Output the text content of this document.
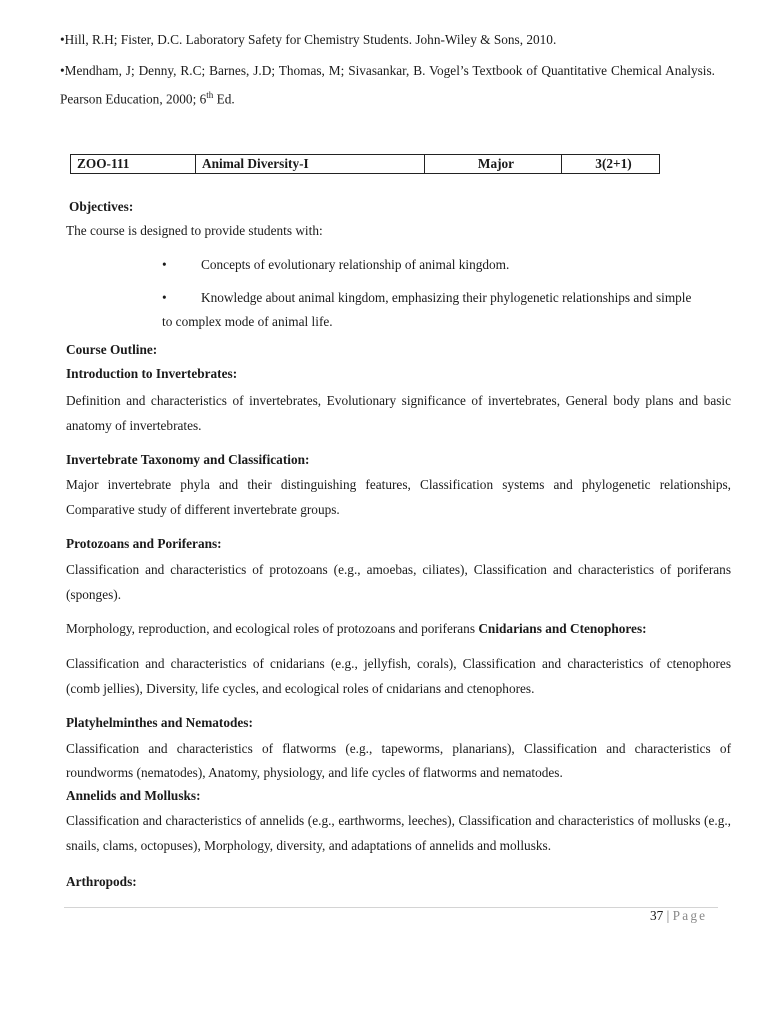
•Hill, R.H; Fister, D.C. Laboratory Safety for Chemistry Students. John-Wiley & Sons, 2010.
•Mendham, J; Denny, R.C; Barnes, J.D; Thomas, M; Sivasankar, B. Vogel’s Textbook of Quantitative Chemical Analysis. Pearson Education, 2000; 6th Ed.
ZOO-111	Animal Diversity-I	Major	3(2+1)
Objectives:
The course is designed to provide students with:
•	Concepts of evolutionary relationship of animal kingdom.
•	Knowledge about animal kingdom, emphasizing their phylogenetic relationships and simple
to complex mode of animal life.
Course Outline:
Introduction to Invertebrates:
Definition and characteristics of invertebrates, Evolutionary significance of invertebrates, General body plans and basic anatomy of invertebrates.
Invertebrate Taxonomy and Classification:
Major invertebrate phyla and their distinguishing features, Classification systems and phylogenetic relationships, Comparative study of different invertebrate groups.
Protozoans and Poriferans:
Classification and characteristics of protozoans (e.g., amoebas, ciliates), Classification and characteristics of poriferans (sponges).
Morphology, reproduction, and ecological roles of protozoans and poriferans Cnidarians and Ctenophores:
Classification and characteristics of cnidarians (e.g., jellyfish, corals), Classification and characteristics of ctenophores (comb jellies), Diversity, life cycles, and ecological roles of cnidarians and ctenophores.
Platyhelminthes and Nematodes:
Classification and characteristics of flatworms (e.g., tapeworms, planarians), Classification and characteristics of roundworms (nematodes), Anatomy, physiology, and life cycles of flatworms and nematodes.
Annelids and Mollusks:
Classification and characteristics of annelids (e.g., earthworms, leeches), Classification and characteristics of mollusks (e.g., snails, clams, octopuses), Morphology, diversity, and adaptations of annelids and mollusks.
Arthropods:
37 | Page
